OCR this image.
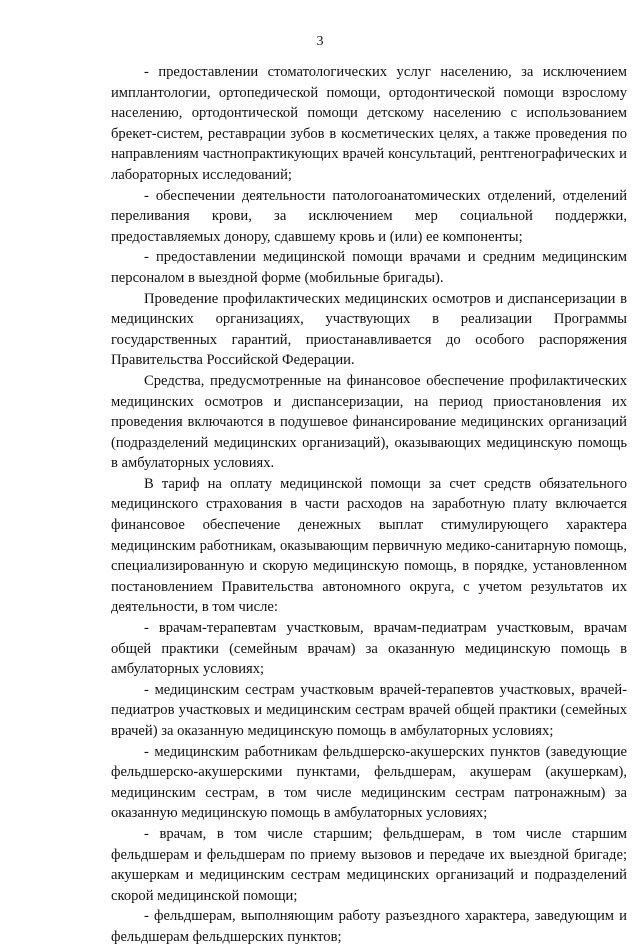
3

- предоставлении стоматологических услуг населению, за исключением имплантологии, ортопедической помощи, ортодонтической помощи взрослому населению, ортодонтической помощи детскому населению с использованием брекет-систем, реставрации зубов в косметических целях, а также проведения по направлениям частнопрактикующих врачей консультаций, рентгенографических и лабораторных исследований;

- обеспечении деятельности патологоанатомических отделений, отделений переливания крови, за исключением мер социальной поддержки, предоставляемых донору, сдавшему кровь и (или) ее компоненты;

- предоставлении медицинской помощи врачами и средним медицинским персоналом в выездной форме (мобильные бригады).

Проведение профилактических медицинских осмотров и диспансеризации в медицинских организациях, участвующих в реализации Программы государственных гарантий, приостанавливается до особого распоряжения Правительства Российской Федерации.

Средства, предусмотренные на финансовое обеспечение профилактических медицинских осмотров и диспансеризации, на период приостановления их проведения включаются в подушевое финансирование медицинских организаций (подразделений медицинских организаций), оказывающих медицинскую помощь в амбулаторных условиях.

В тариф на оплату медицинской помощи за счет средств обязательного медицинского страхования в части расходов на заработную плату включается финансовое обеспечение денежных выплат стимулирующего характера медицинским работникам, оказывающим первичную медико-санитарную помощь, специализированную и скорую медицинскую помощь, в порядке, установленном постановлением Правительства автономного округа, с учетом результатов их деятельности, в том числе:

- врачам-терапевтам участковым, врачам-педиатрам участковым, врачам общей практики (семейным врачам) за оказанную медицинскую помощь в амбулаторных условиях;

- медицинским сестрам участковым врачей-терапевтов участковых, врачей-педиатров участковых и медицинским сестрам врачей общей практики (семейных врачей) за оказанную медицинскую помощь в амбулаторных условиях;

- медицинским работникам фельдшерско-акушерских пунктов (заведующие фельдшерско-акушерскими пунктами, фельдшерам, акушерам (акушеркам), медицинским сестрам, в том числе медицинским сестрам патронажным) за оказанную медицинскую помощь в амбулаторных условиях;

- врачам, в том числе старшим; фельдшерам, в том числе старшим фельдшерам и фельдшерам по приему вызовов и передаче их выездной бригаде; акушеркам и медицинским сестрам медицинских организаций и подразделений скорой медицинской помощи;

- фельдшерам, выполняющим работу разъездного характера, заведующим и фельдшерам фельдшерских пунктов;
